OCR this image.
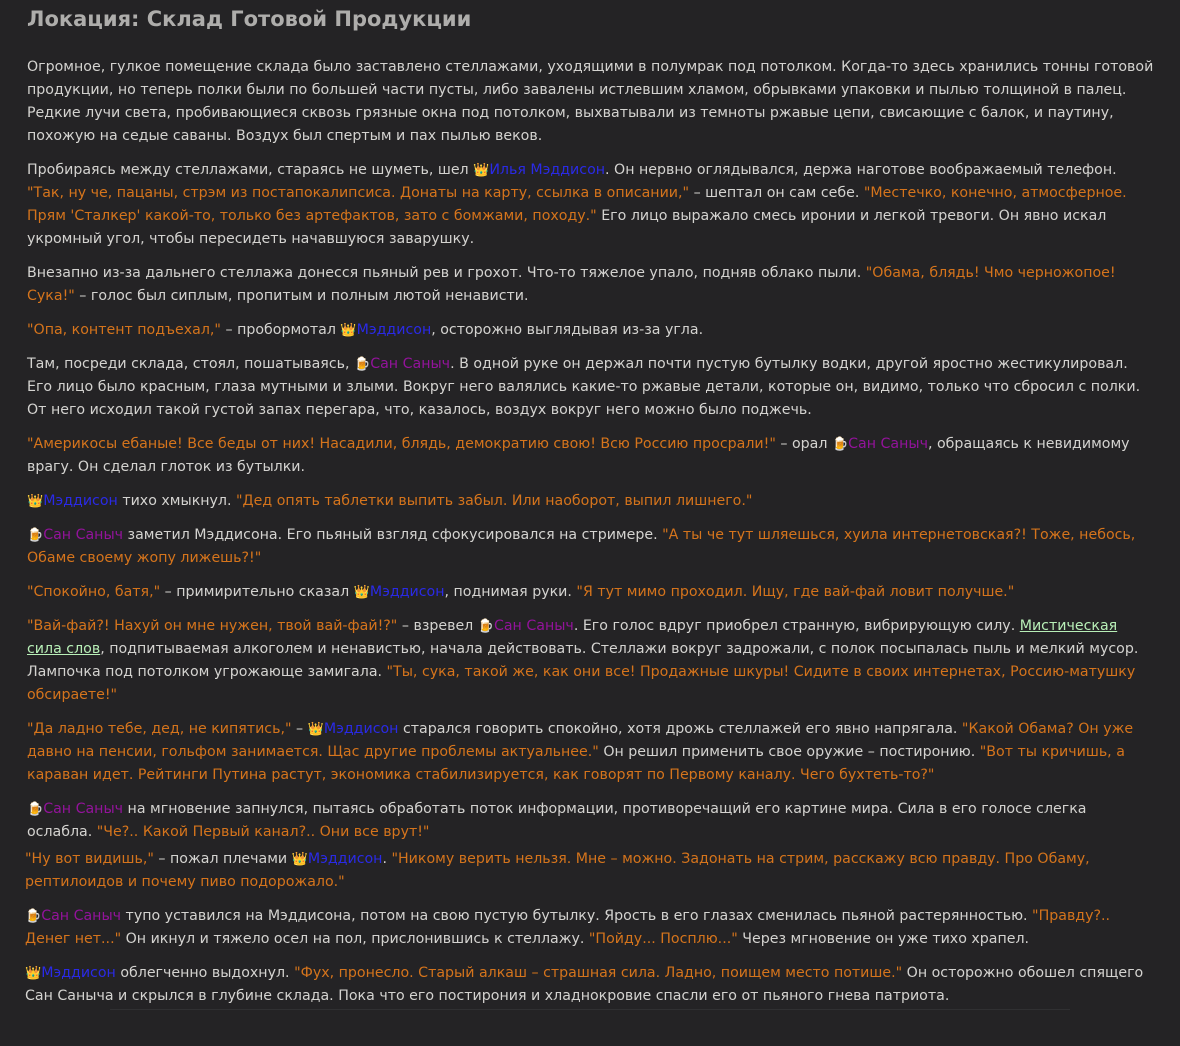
Локация: Склад Готовой Продукции

Огромное, гулкое помещение склада было заставлено стеллажами, уходящими в полумрак под потолком. Когда-то здесь хранились тонны готовой продукции, но теперь полки были по большей части пусты, либо завалены истлевшим хламом, обрывками упаковки и пылью толщиной в палец. Редкие лучи света, пробивающиеся сквозь грязные окна под потолком, выхватывали из темноты ржавые цепи, свисающие с балок, и паутину, похожую на седые саваны. Воздух был спертым и пах пылью веков.

Пробираясь между стеллажами, стараясь не шуметь, шел 👑Илья Мэддисон. Он нервно оглядывался, держа наготове воображаемый телефон. "Так, ну че, пацаны, стрэм из постапокалипсиса. Донаты на карту, ссылка в описании," – шептал он сам себе. "Местечко, конечно, атмосферное. Прям 'Сталкер' какой-то, только без артефактов, зато с бомжами, походу." Его лицо выражало смесь иронии и легкой тревоги. Он явно искал укромный угол, чтобы пересидеть начавшуюся заварушку.

Внезапно из-за дальнего стеллажа донесся пьяный рев и грохот. Что-то тяжелое упало, подняв облако пыли. "Обама, блядь! Чмо черножопое! Сука!" – голос был сиплым, пропитым и полным лютой ненависти.

"Опа, контент подъехал," – пробормотал 👑Мэддисон, осторожно выглядывая из-за угла.

Там, посреди склада, стоял, пошатываясь, 🍺Сан Саныч. В одной руке он держал почти пустую бутылку водки, другой яростно жестикулировал. Его лицо было красным, глаза мутными и злыми. Вокруг него валялись какие-то ржавые детали, которые он, видимо, только что сбросил с полки. От него исходил такой густой запах перегара, что, казалось, воздух вокруг него можно было поджечь.

"Америкосы ебаные! Все беды от них! Насадили, блядь, демократию свою! Всю Россию просрали!" – орал 🍺Сан Саныч, обращаясь к невидимому врагу. Он сделал глоток из бутылки.

👑Мэддисон тихо хмыкнул. "Дед опять таблетки выпить забыл. Или наоборот, выпил лишнего."

🍺Сан Саныч заметил Мэддисона. Его пьяный взгляд сфокусировался на стримере. "А ты че тут шляешься, хуила интернетовская?! Тоже, небось, Обаме своему жопу лижешь?!"

"Спокойно, батя," – примирительно сказал 👑Мэддисон, поднимая руки. "Я тут мимо проходил. Ищу, где вай-фай ловит получше."

"Вай-фай?! Нахуй он мне нужен, твой вай-фай!?" – взревел 🍺Сан Саныч. Его голос вдруг приобрел странную, вибрирующую силу. Мистическая сила слов, подпитываемая алкоголем и ненавистью, начала действовать. Стеллажи вокруг задрожали, с полок посыпалась пыль и мелкий мусор. Лампочка под потолком угрожающе замигала. "Ты, сука, такой же, как они все! Продажные шкуры! Сидите в своих интернетах, Россию-матушку обсираете!"

"Да ладно тебе, дед, не кипятись," – 👑Мэддисон старался говорить спокойно, хотя дрожь стеллажей его явно напрягала. "Какой Обама? Он уже давно на пенсии, гольфом занимается. Щас другие проблемы актуальнее." Он решил применить свое оружие – постиронию. "Вот ты кричишь, а караван идет. Рейтинги Путина растут, экономика стабилизируется, как говорят по Первому каналу. Чего бухтеть-то?"

🍺Сан Саныч на мгновение запнулся, пытаясь обработать поток информации, противоречащий его картине мира. Сила в его голосе слегка ослабла. "Че?.. Какой Первый канал?.. Они все врут!"

"Ну вот видишь," – пожал плечами 👑Мэддисон. "Никому верить нельзя. Мне – можно. Задонать на стрим, расскажу всю правду. Про Обаму, рептилоидов и почему пиво подорожало."

🍺Сан Саныч тупо уставился на Мэддисона, потом на свою пустую бутылку. Ярость в его глазах сменилась пьяной растерянностью. "Правду?.. Денег нет..." Он икнул и тяжело осел на пол, прислонившись к стеллажу. "Пойду... Посплю..." Через мгновение он уже тихо храпел.

👑Мэддисон облегченно выдохнул. "Фух, пронесло. Старый алкаш – страшная сила. Ладно, поищем место потише." Он осторожно обошел спящего Сан Саныча и скрылся в глубине склада. Пока что его постирония и хладнокровие спасли его от пьяного гнева патриота.
